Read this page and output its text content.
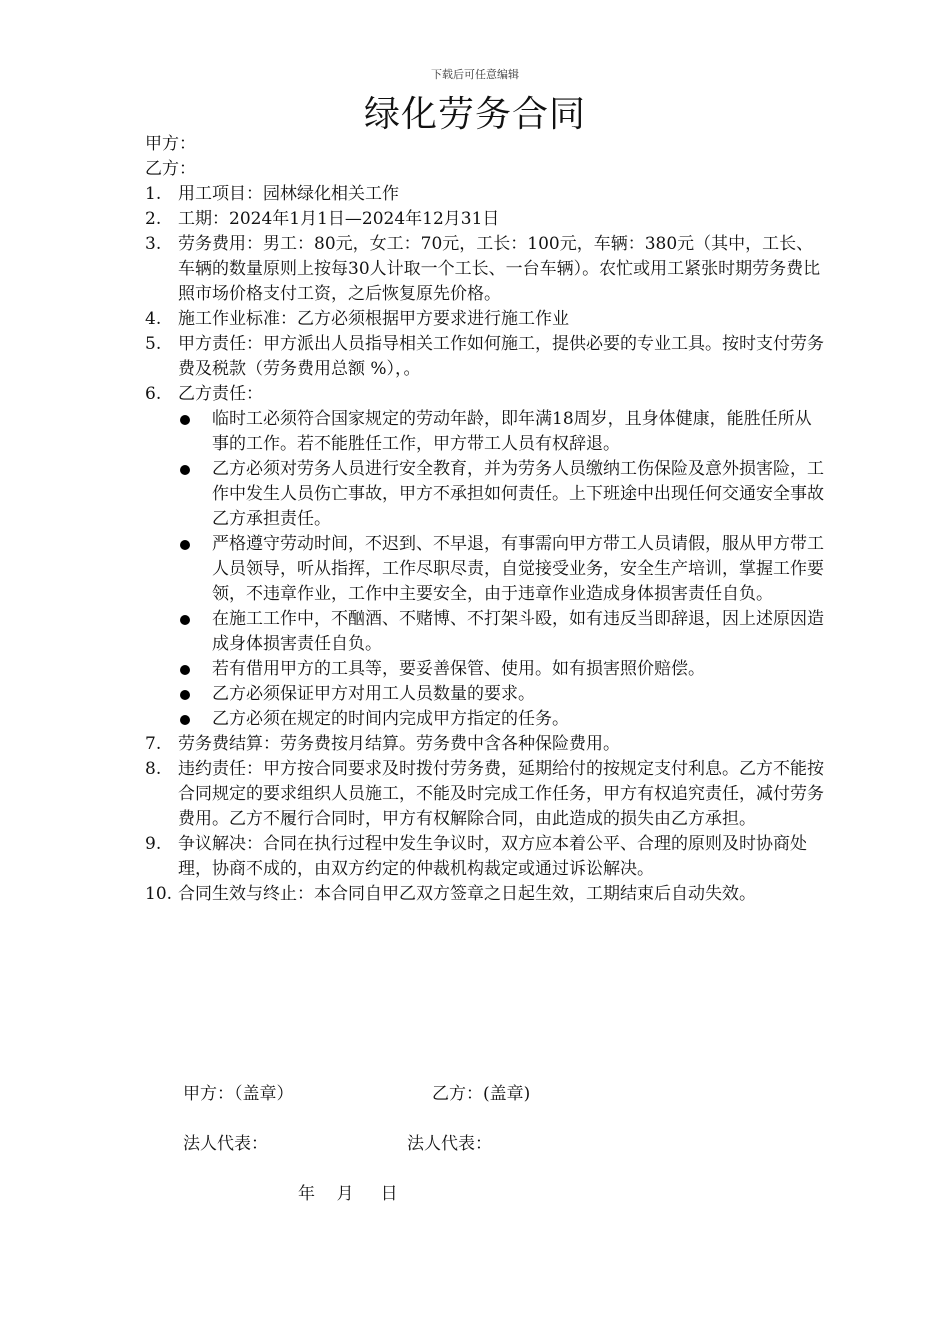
下载后可任意编辑
绿化劳务合同

甲方：

乙方：

1. 用工项目：园林绿化相关工作
2. 工期：2024年1月1日—2024年12月31日
3. 劳务费用：男工：80元，女工：70元，工长：100元，车辆：380元（其中，工长、车辆的数量原则上按每30人计取一个工长、一台车辆）。农忙或用工紧张时期劳务费比照市场价格支付工资，之后恢复原先价格。
4. 施工作业标准：乙方必须根据甲方要求进行施工作业
5. 甲方责任：甲方派出人员指导相关工作如何施工，提供必要的专业工具。按时支付劳务费及税款（劳务费用总额 %），。
6. 乙方责任：
临时工必须符合国家规定的劳动年龄，即年满18周岁，且身体健康，能胜任所从事的工作。若不能胜任工作，甲方带工人员有权辞退。
乙方必须对劳务人员进行安全教育，并为劳务人员缴纳工伤保险及意外损害险，工作中发生人员伤亡事故，甲方不承担如何责任。上下班途中出现任何交通安全事故乙方承担责任。
严格遵守劳动时间，不迟到、不早退，有事需向甲方带工人员请假，服从甲方带工人员领导，听从指挥，工作尽职尽责，自觉接受业务，安全生产培训，掌握工作要领，不违章作业，工作中主要安全，由于违章作业造成身体损害责任自负。
在施工工作中，不酗酒、不赌博、不打架斗殴，如有违反当即辞退，因上述原因造成身体损害责任自负。
若有借用甲方的工具等，要妥善保管、使用。如有损害照价赔偿。
乙方必须保证甲方对用工人员数量的要求。
乙方必须在规定的时间内完成甲方指定的任务。
7. 劳务费结算：劳务费按月结算。劳务费中含各种保险费用。
8. 违约责任：甲方按合同要求及时拨付劳务费，延期给付的按规定支付利息。乙方不能按合同规定的要求组织人员施工，不能及时完成工作任务，甲方有权追究责任，减付劳务费用。乙方不履行合同时，甲方有权解除合同，由此造成的损失由乙方承担。
9. 争议解决：合同在执行过程中发生争议时，双方应本着公平、合理的原则及时协商处理，协商不成的，由双方约定的仲裁机构裁定或通过诉讼解决。
10. 合同生效与终止：本合同自甲乙双方签章之日起生效，工期结束后自动失效。
甲方：（盖章）	乙方：(盖章)
法人代表：	法人代表：
年    月     日
